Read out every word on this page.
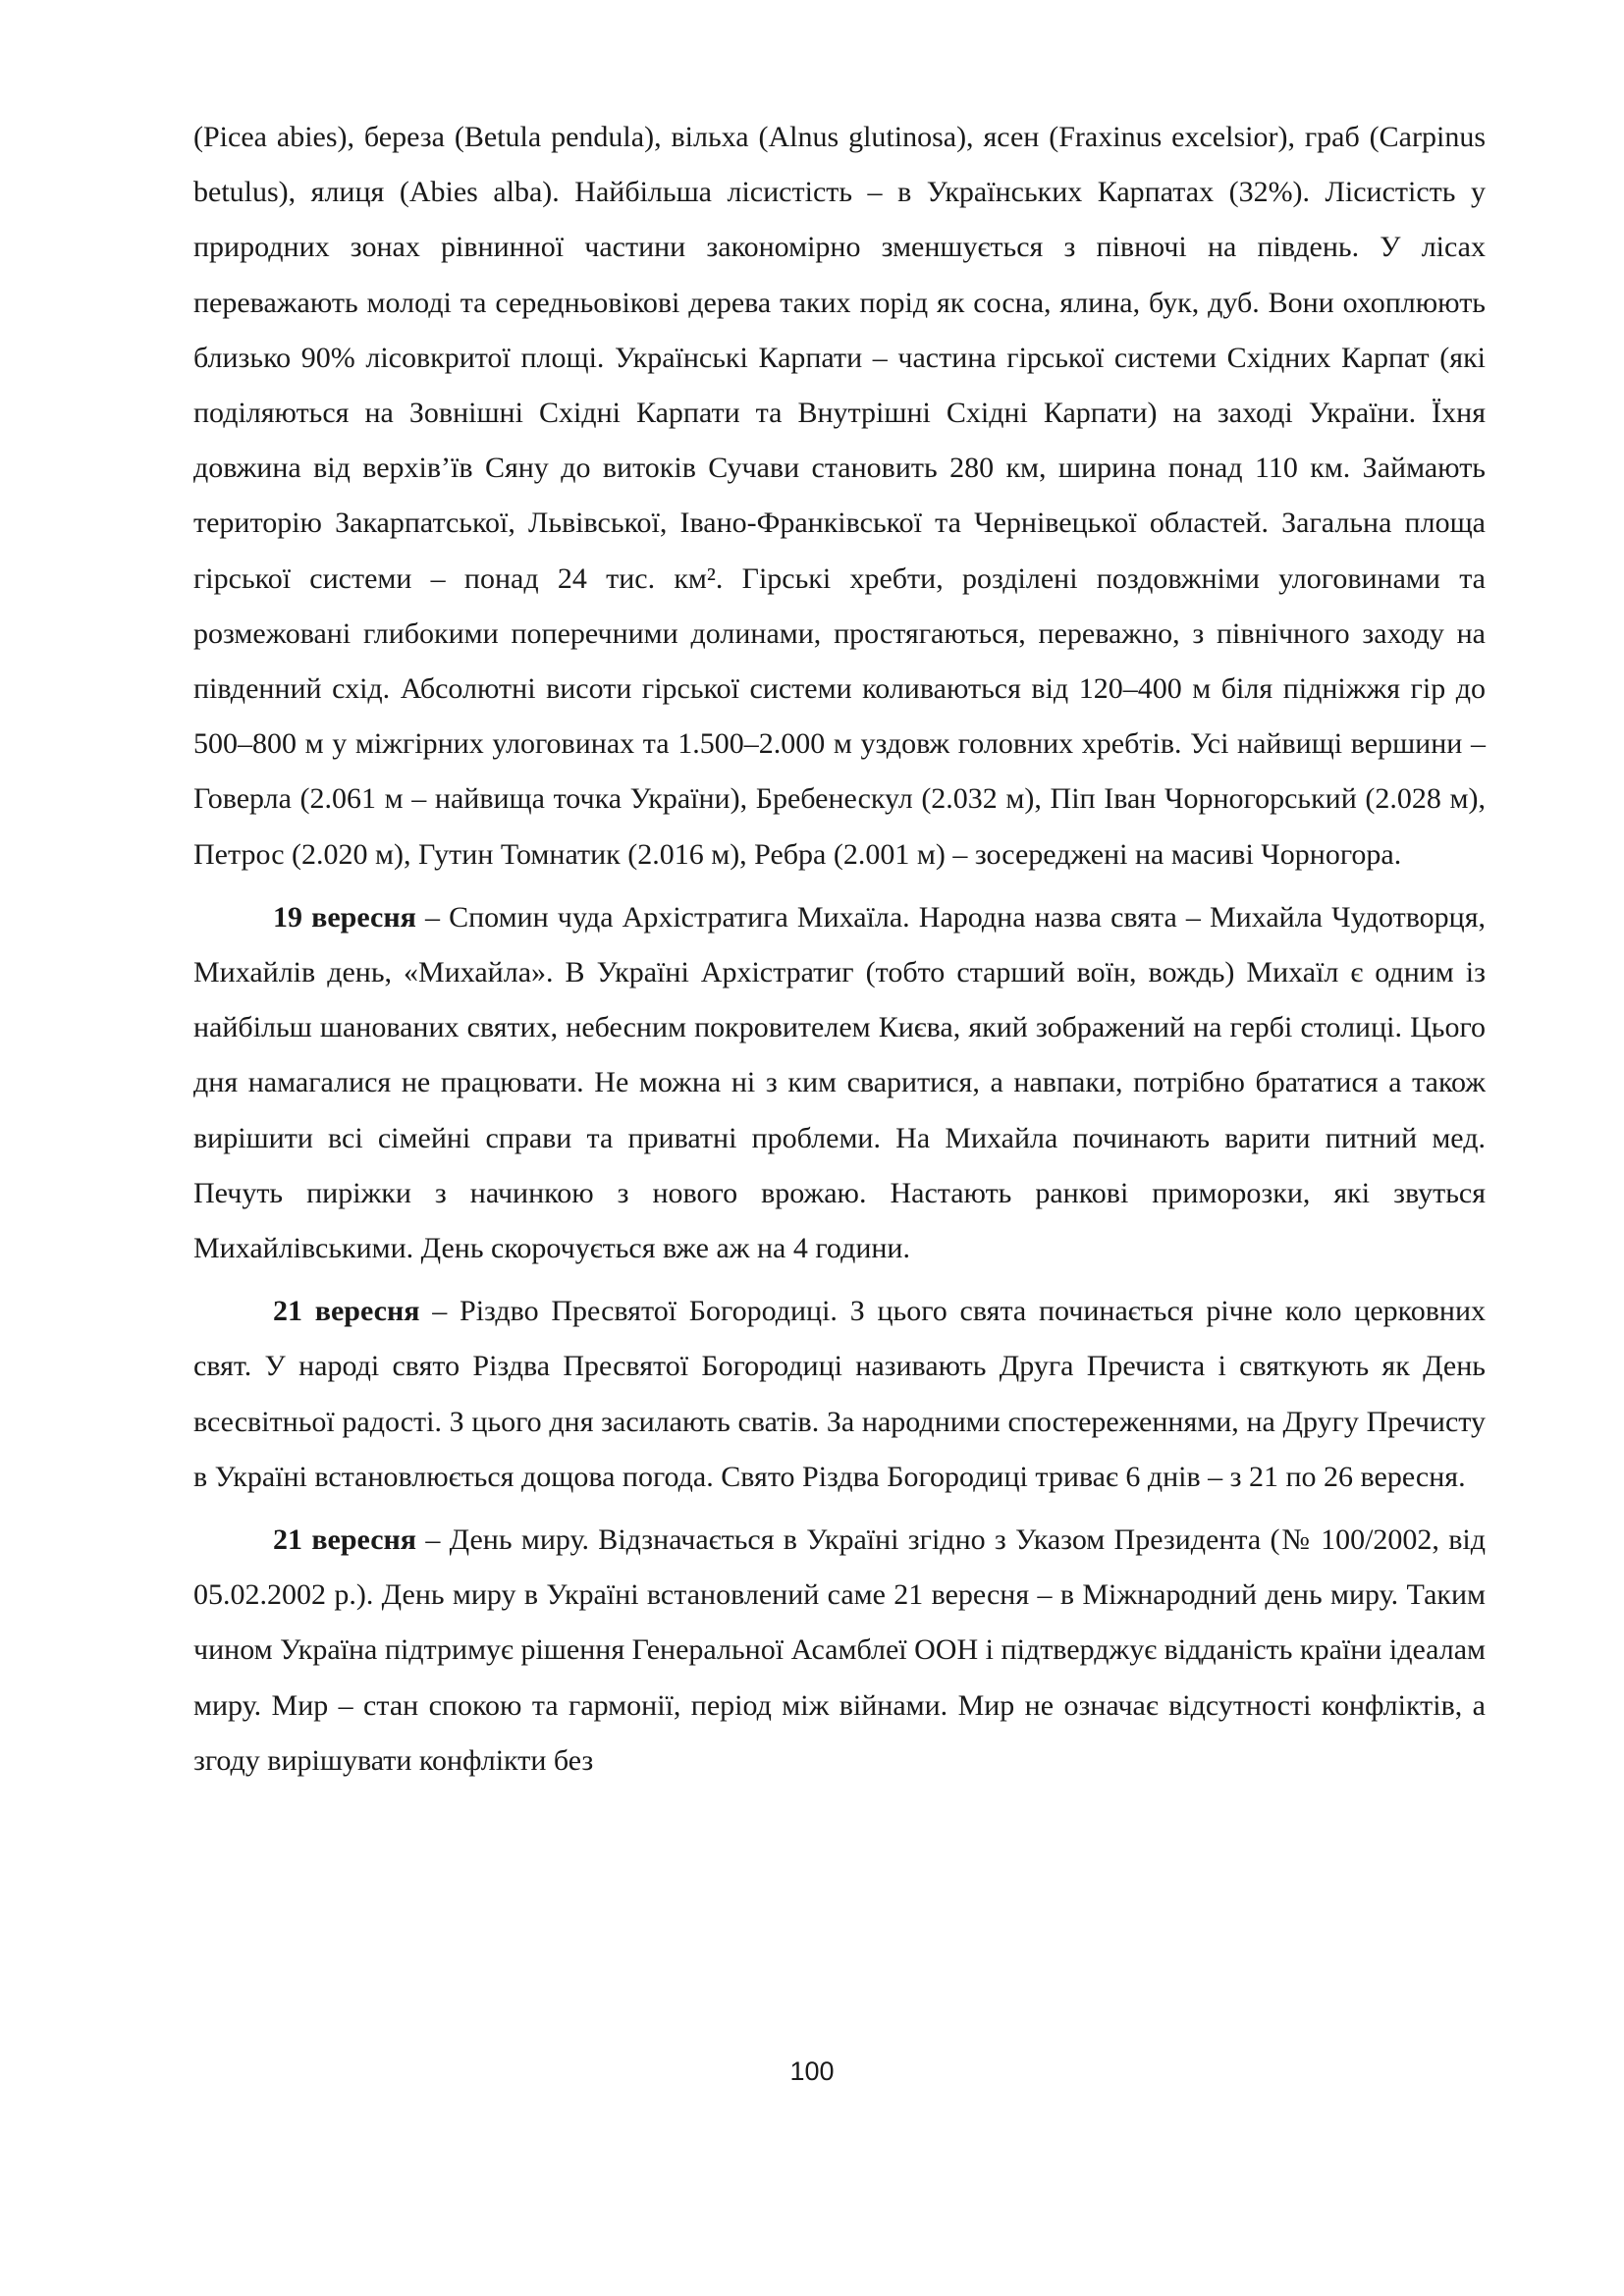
(Picea abies), береза (Betula pendula), вільха (Alnus glutinosa), ясен (Fraxinus excelsior), граб (Carpinus betulus), ялиця (Abies alba). Найбільша лісистість – в Українських Карпатах (32%). Лісистість у природних зонах рівнинної частини закономірно зменшується з півночі на південь. У лісах переважають молоді та середньовікові дерева таких порід як сосна, ялина, бук, дуб. Вони охоплюють близько 90% лісовкритої площі. Українські Карпати – частина гірської системи Східних Карпат (які поділяються на Зовнішні Східні Карпати та Внутрішні Східні Карпати) на заході України. Їхня довжина від верхів’їв Сяну до витоків Сучави становить 280 км, ширина понад 110 км. Займають територію Закарпатської, Львівської, Івано-Франківської та Чернівецької областей. Загальна площа гірської системи – понад 24 тис. км². Гірські хребти, розділені поздовжніми улоговинами та розмежовані глибокими поперечними долинами, простягаються, переважно, з північного заходу на південний схід. Абсолютні висоти гірської системи коливаються від 120–400 м біля підніжжя гір до 500–800 м у міжгірних улоговинах та 1.500–2.000 м уздовж головних хребтів. Усі найвищі вершини – Говерла (2.061 м – найвища точка України), Бребенескул (2.032 м), Піп Іван Чорногорський (2.028 м), Петрос (2.020 м), Гутин Томнатик (2.016 м), Ребра (2.001 м) – зосереджені на масиві Чорногора.

19 вересня – Спомин чуда Архістратига Михаїла. Народна назва свята – Михайла Чудотворця, Михайлів день, «Михайла». В Україні Архістратиг (тобто старший воїн, вождь) Михаїл є одним із найбільш шанованих святих, небесним покровителем Києва, який зображений на гербі столиці. Цього дня намагалися не працювати. Не можна ні з ким сваритися, а навпаки, потрібно брататися а також вирішити всі сімейні справи та приватні проблеми. На Михайла починають варити питний мед. Печуть пиріжки з начинкою з нового врожаю. Настають ранкові приморозки, які звуться Михайлівськими. День скорочується вже аж на 4 години.

21 вересня – Різдво Пресвятої Богородиці. З цього свята починається річне коло церковних свят. У народі свято Різдва Пресвятої Богородиці називають Друга Пречиста і святкують як День всесвітньої радості. З цього дня засилають сватів. За народними спостереженнями, на Другу Пречисту в Україні встановлюється дощова погода. Свято Різдва Богородиці триває 6 днів – з 21 по 26 вересня.

21 вересня – День миру. Відзначається в Україні згідно з Указом Президента (№ 100/2002, від 05.02.2002 р.). День миру в Україні встановлений саме 21 вересня – в Міжнародний день миру. Таким чином Україна підтримує рішення Генеральної Асамблеї ООН і підтверджує відданість країни ідеалам миру. Мир – стан спокою та гармонії, період між війнами. Мир не означає відсутності конфліктів, а згоду вирішувати конфлікти без

100
